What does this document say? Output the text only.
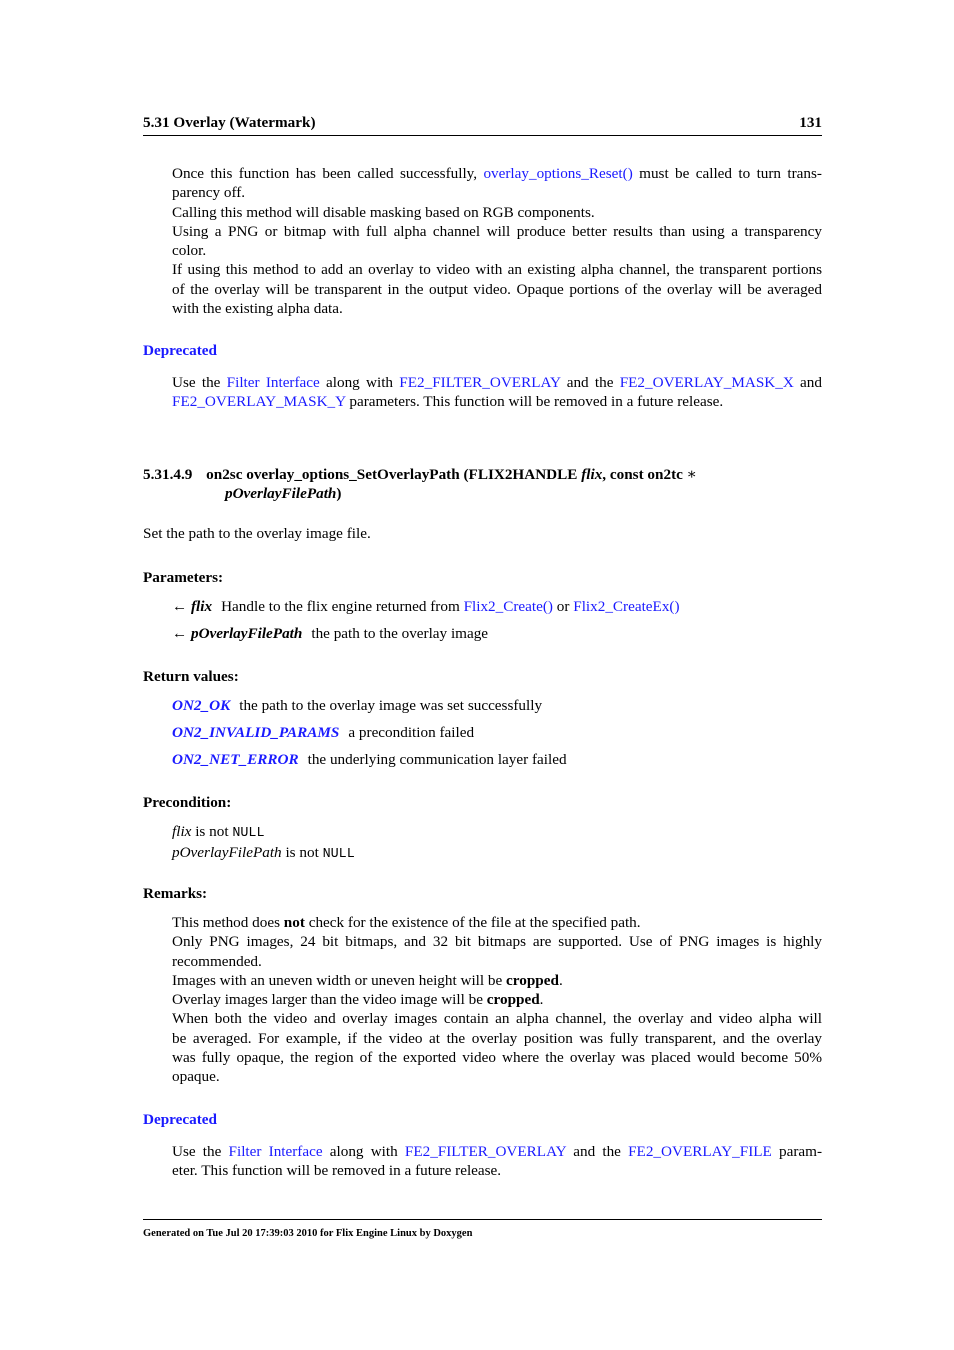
5.31 Overlay (Watermark)	131

Once this function has been called successfully, overlay_options_Reset() must be called to turn trans-

parency off.

Calling this method will disable masking based on RGB components.

Using a PNG or bitmap with full alpha channel will produce better results than using a transparency

color.

If using this method to add an overlay to video with an existing alpha channel, the transparent portions

of the overlay will be transparent in the output video. Opaque portions of the overlay will be averaged

with the existing alpha data.

Deprecated

Use the Filter Interface along with FE2_FILTER_OVERLAY and the FE2_OVERLAY_MASK_X and

FE2_OVERLAY_MASK_Y parameters. This function will be removed in a future release.

5.31.4.9 on2sc overlay_options_SetOverlayPath (FLIX2HANDLE flix, const on2tc ∗
pOverlayFilePath)
Set the path to the overlay image file.
Parameters:
← flix Handle to the flix engine returned from Flix2_Create() or Flix2_CreateEx()
← pOverlayFilePath the path to the overlay image
Return values:
ON2_OK the path to the overlay image was set successfully
ON2_INVALID_PARAMS a precondition failed
ON2_NET_ERROR the underlying communication layer failed
Precondition:
flix is not NULL
pOverlayFilePath is not NULL
Remarks:

This method does not check for the existence of the file at the specified path.

Only PNG images, 24 bit bitmaps, and 32 bit bitmaps are supported. Use of PNG images is highly

recommended.

Images with an uneven width or uneven height will be cropped.

Overlay images larger than the video image will be cropped.

When both the video and overlay images contain an alpha channel, the overlay and video alpha will

be averaged. For example, if the video at the overlay position was fully transparent, and the overlay

was fully opaque, the region of the exported video where the overlay was placed would become 50%

opaque.

Deprecated

Use the Filter Interface along with FE2_FILTER_OVERLAY and the FE2_OVERLAY_FILE param-

eter. This function will be removed in a future release.

Generated on Tue Jul 20 17:39:03 2010 for Flix Engine Linux by Doxygen
